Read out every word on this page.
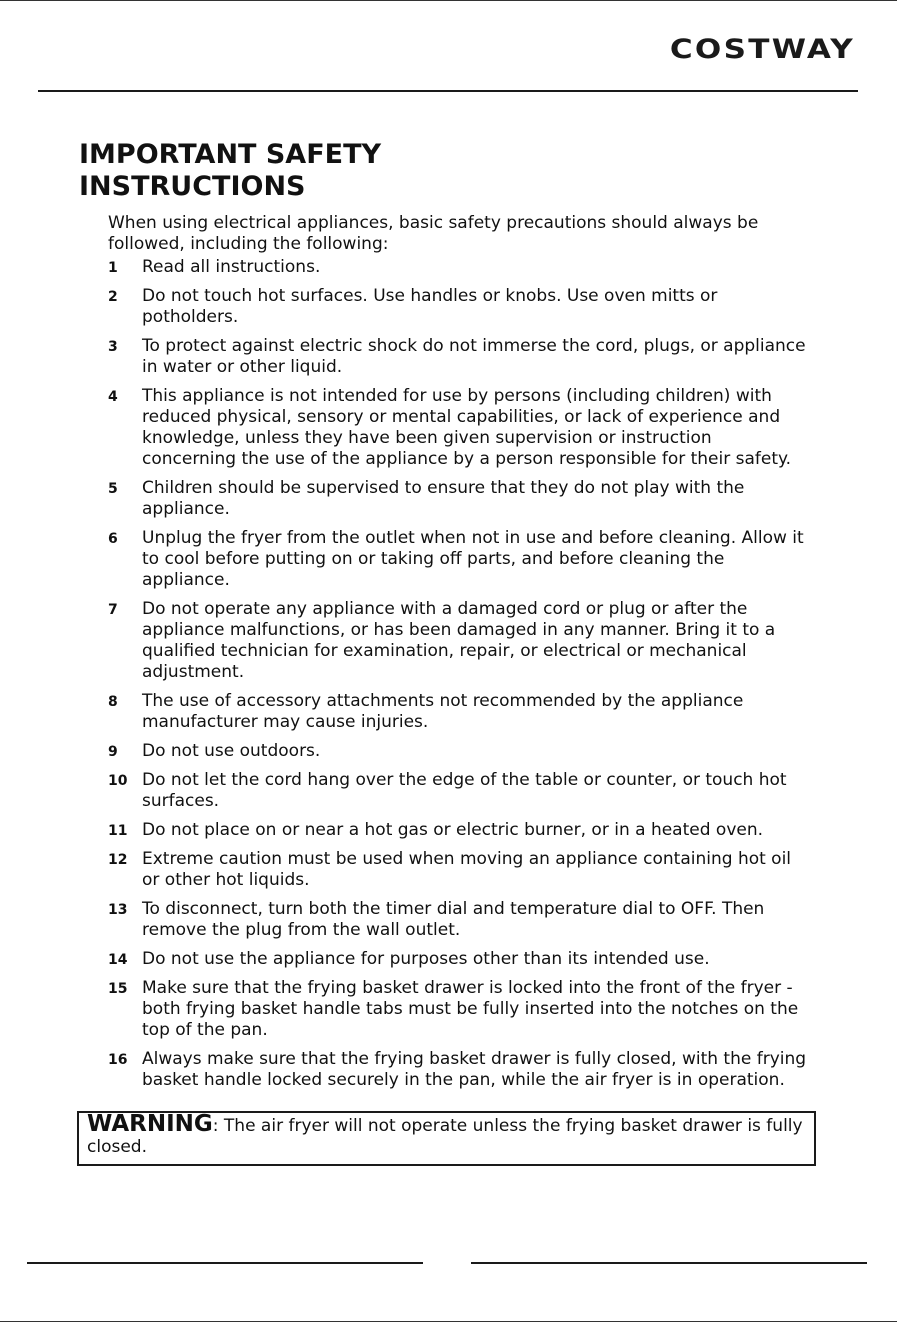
COSTWAY
IMPORTANT SAFETY
INSTRUCTIONS

When using electrical appliances, basic safety precautions should always be followed, including the following:

1 Read all instructions.
2 Do not touch hot surfaces. Use handles or knobs. Use oven mitts or potholders.
3 To protect against electric shock do not immerse the cord, plugs, or appliance in water or other liquid.
4 This appliance is not intended for use by persons (including children) with reduced physical, sensory or mental capabilities, or lack of experience and knowledge, unless they have been given supervision or instruction concerning the use of the appliance by a person responsible for their safety.
5 Children should be supervised to ensure that they do not play with the appliance.
6 Unplug the fryer from the outlet when not in use and before cleaning. Allow it to cool before putting on or taking off parts, and before cleaning the appliance.
7 Do not operate any appliance with a damaged cord or plug or after the appliance malfunctions, or has been damaged in any manner. Bring it to a qualified technician for examination, repair, or electrical or mechanical adjustment.
8 The use of accessory attachments not recommended by the appliance manufacturer may cause injuries.
9 Do not use outdoors.
10 Do not let the cord hang over the edge of the table or counter, or touch hot surfaces.
11 Do not place on or near a hot gas or electric burner, or in a heated oven.
12 Extreme caution must be used when moving an appliance containing hot oil or other hot liquids.
13 To disconnect, turn both the timer dial and temperature dial to OFF. Then remove the plug from the wall outlet.
14 Do not use the appliance for purposes other than its intended use.
15 Make sure that the frying basket drawer is locked into the front of the fryer - both frying basket handle tabs must be fully inserted into the notches on the top of the pan.
16 Always make sure that the frying basket drawer is fully closed, with the frying basket handle locked securely in the pan, while the air fryer is in operation.
WARNING: The air fryer will not operate unless the frying basket drawer is fully closed.
